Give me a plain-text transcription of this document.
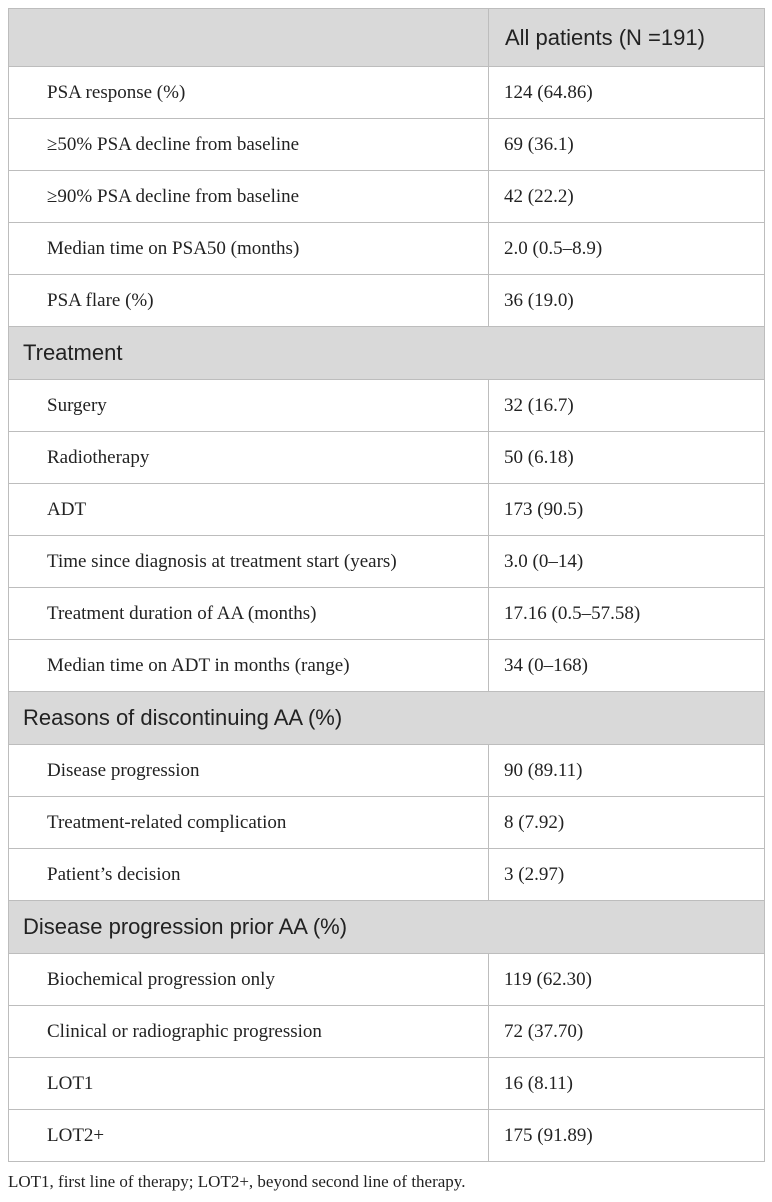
	All patients (N =191)
PSA response (%)	124 (64.86)
≥50% PSA decline from baseline	69 (36.1)
≥90% PSA decline from baseline	42 (22.2)
Median time on PSA50 (months)	2.0 (0.5–8.9)
PSA flare (%)	36 (19.0)
Treatment	
Surgery	32 (16.7)
Radiotherapy	50 (6.18)
ADT	173 (90.5)
Time since diagnosis at treatment start (years)	3.0 (0–14)
Treatment duration of AA (months)	17.16 (0.5–57.58)
Median time on ADT in months (range)	34 (0–168)
Reasons of discontinuing AA (%)	
Disease progression	90 (89.11)
Treatment-related complication	8 (7.92)
Patient’s decision	3 (2.97)
Disease progression prior AA (%)	
Biochemical progression only	119 (62.30)
Clinical or radiographic progression	72 (37.70)
LOT1	16 (8.11)
LOT2+	175 (91.89)
LOT1, first line of therapy; LOT2+, beyond second line of therapy.
